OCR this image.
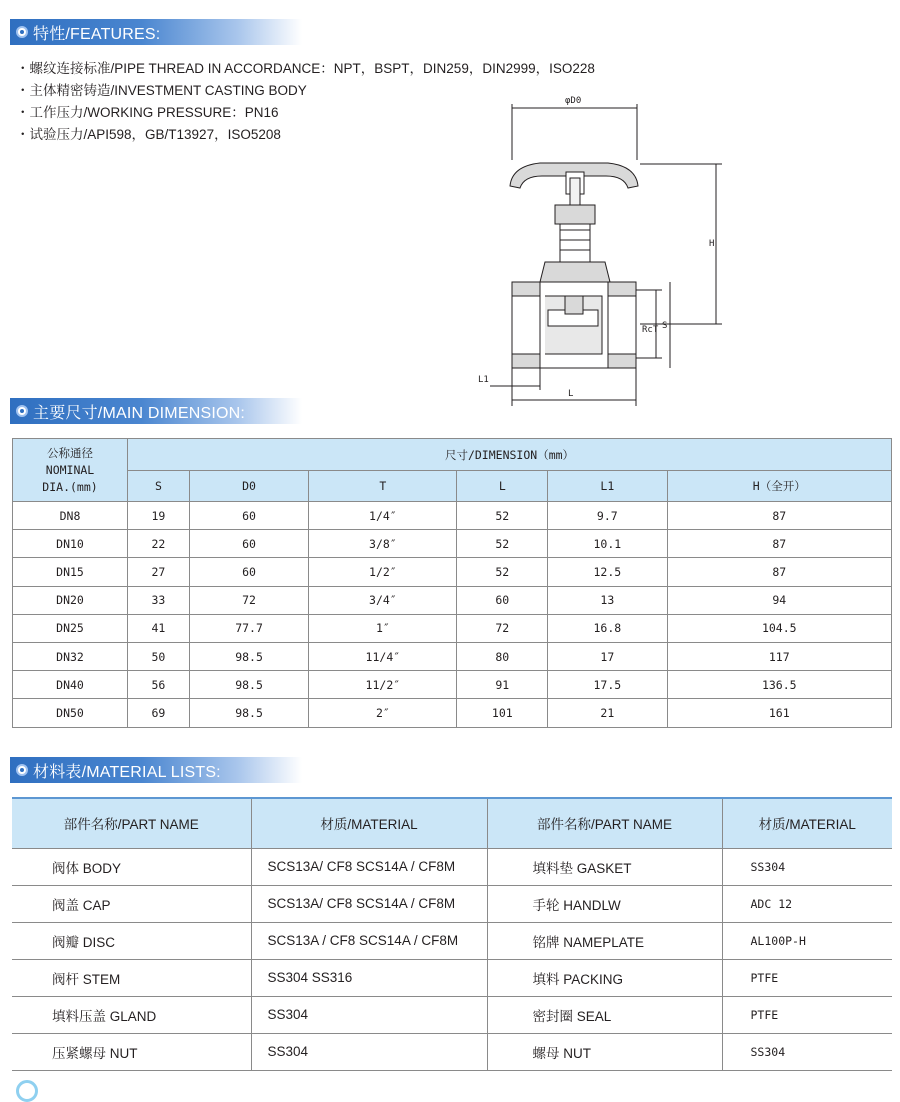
特性/FEATURES:
・ 螺纹连接标准/PIPE THREAD IN ACCORDANCE：NPT，BSPT，DIN259，DIN2999，ISO228
・ 主体精密铸造/INVESTMENT CASTING BODY
・ 工作压力/WORKING PRESSURE：PN16
・ 试验压力/API598，GB/T13927，ISO5208
φD0
H
RcT S
L1
L
主要尺寸/MAIN DIMENSION:
公称通径
NOMINAL
DIA.(mm)	尺寸/DIMENSION（mm）					
	S	D0	T	L	L1	H（全开）
DN8	19	60	1/4″	52	9.7	87
DN10	22	60	3/8″	52	10.1	87
DN15	27	60	1/2″	52	12.5	87
DN20	33	72	3/4″	60	13	94
DN25	41	77.7	1″	72	16.8	104.5
DN32	50	98.5	11/4″	80	17	117
DN40	56	98.5	11/2″	91	17.5	136.5
DN50	69	98.5	2″	101	21	161
材料表/MATERIAL LISTS:
部件名称/PART NAME	材质/MATERIAL	部件名称/PART NAME	材质/MATERIAL
阀体 BODY	SCS13A/ CF8 SCS14A / CF8M	填料垫 GASKET	SS304
阀盖 CAP	SCS13A/ CF8 SCS14A / CF8M	手轮 HANDLW	ADC 12
阀瓣 DISC	SCS13A / CF8 SCS14A / CF8M	铭牌 NAMEPLATE	AL100P-H
阀杆 STEM	SS304 SS316	填料 PACKING	PTFE
填料压盖 GLAND	SS304	密封圈 SEAL	PTFE
压紧螺母 NUT	SS304	螺母 NUT	SS304
